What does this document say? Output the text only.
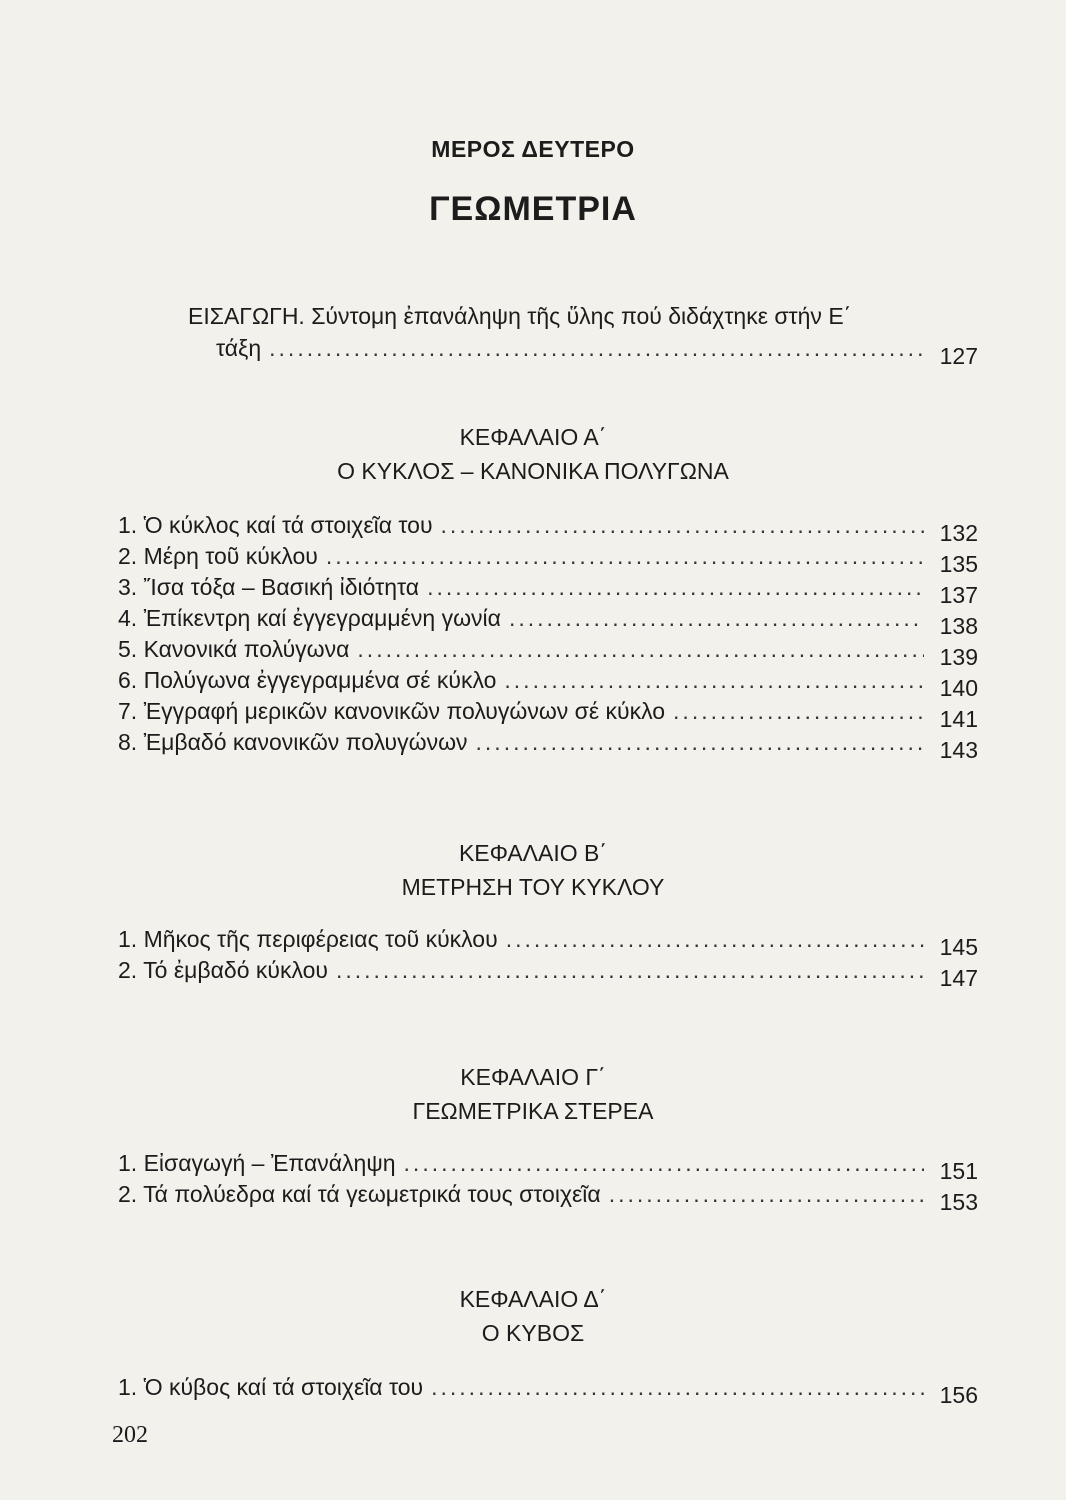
ΜΕΡΟΣ ΔΕΥΤΕΡΟ
ΓΕΩΜΕΤΡΙΑ
ΕΙΣΑΓΩΓΗ. Σύντομη ἐπανάληψη τῆς ὕλης πού διδάχτηκε στήν Ε΄
τάξη .....	127
ΚΕΦΑΛΑΙΟ Α΄
Ο ΚΥΚΛΟΣ – ΚΑΝΟΝΙΚΑ ΠΟΛΥΓΩΝΑ
1. Ὁ κύκλος καί τά στοιχεῖα του .....	132
2. Μέρη τοῦ κύκλου .....	135
3. Ἴσα τόξα – Βασική ἰδιότητα .....	137
4. Ἐπίκεντρη καί ἐγγεγραμμένη γωνία .....	138
5. Κανονικά πολύγωνα .....	139
6. Πολύγωνα ἐγγεγραμμένα σέ κύκλο .....	140
7. Ἐγγραφή μερικῶν κανονικῶν πολυγώνων σέ κύκλο .....	141
8. Ἐμβαδό κανονικῶν πολυγώνων .....	143
ΚΕΦΑΛΑΙΟ Β΄
ΜΕΤΡΗΣΗ ΤΟΥ ΚΥΚΛΟΥ
1. Μῆκος τῆς περιφέρειας τοῦ κύκλου .....	145
2. Τό ἐμβαδό κύκλου .....	147
ΚΕΦΑΛΑΙΟ Γ΄
ΓΕΩΜΕΤΡΙΚΑ ΣΤΕΡΕΑ
1. Εἰσαγωγή – Ἐπανάληψη .....	151
2. Τά πολύεδρα καί τά γεωμετρικά τους στοιχεῖα .....	153
ΚΕΦΑΛΑΙΟ Δ΄
Ο ΚΥΒΟΣ
1. Ὁ κύβος καί τά στοιχεῖα του .....	156
202
